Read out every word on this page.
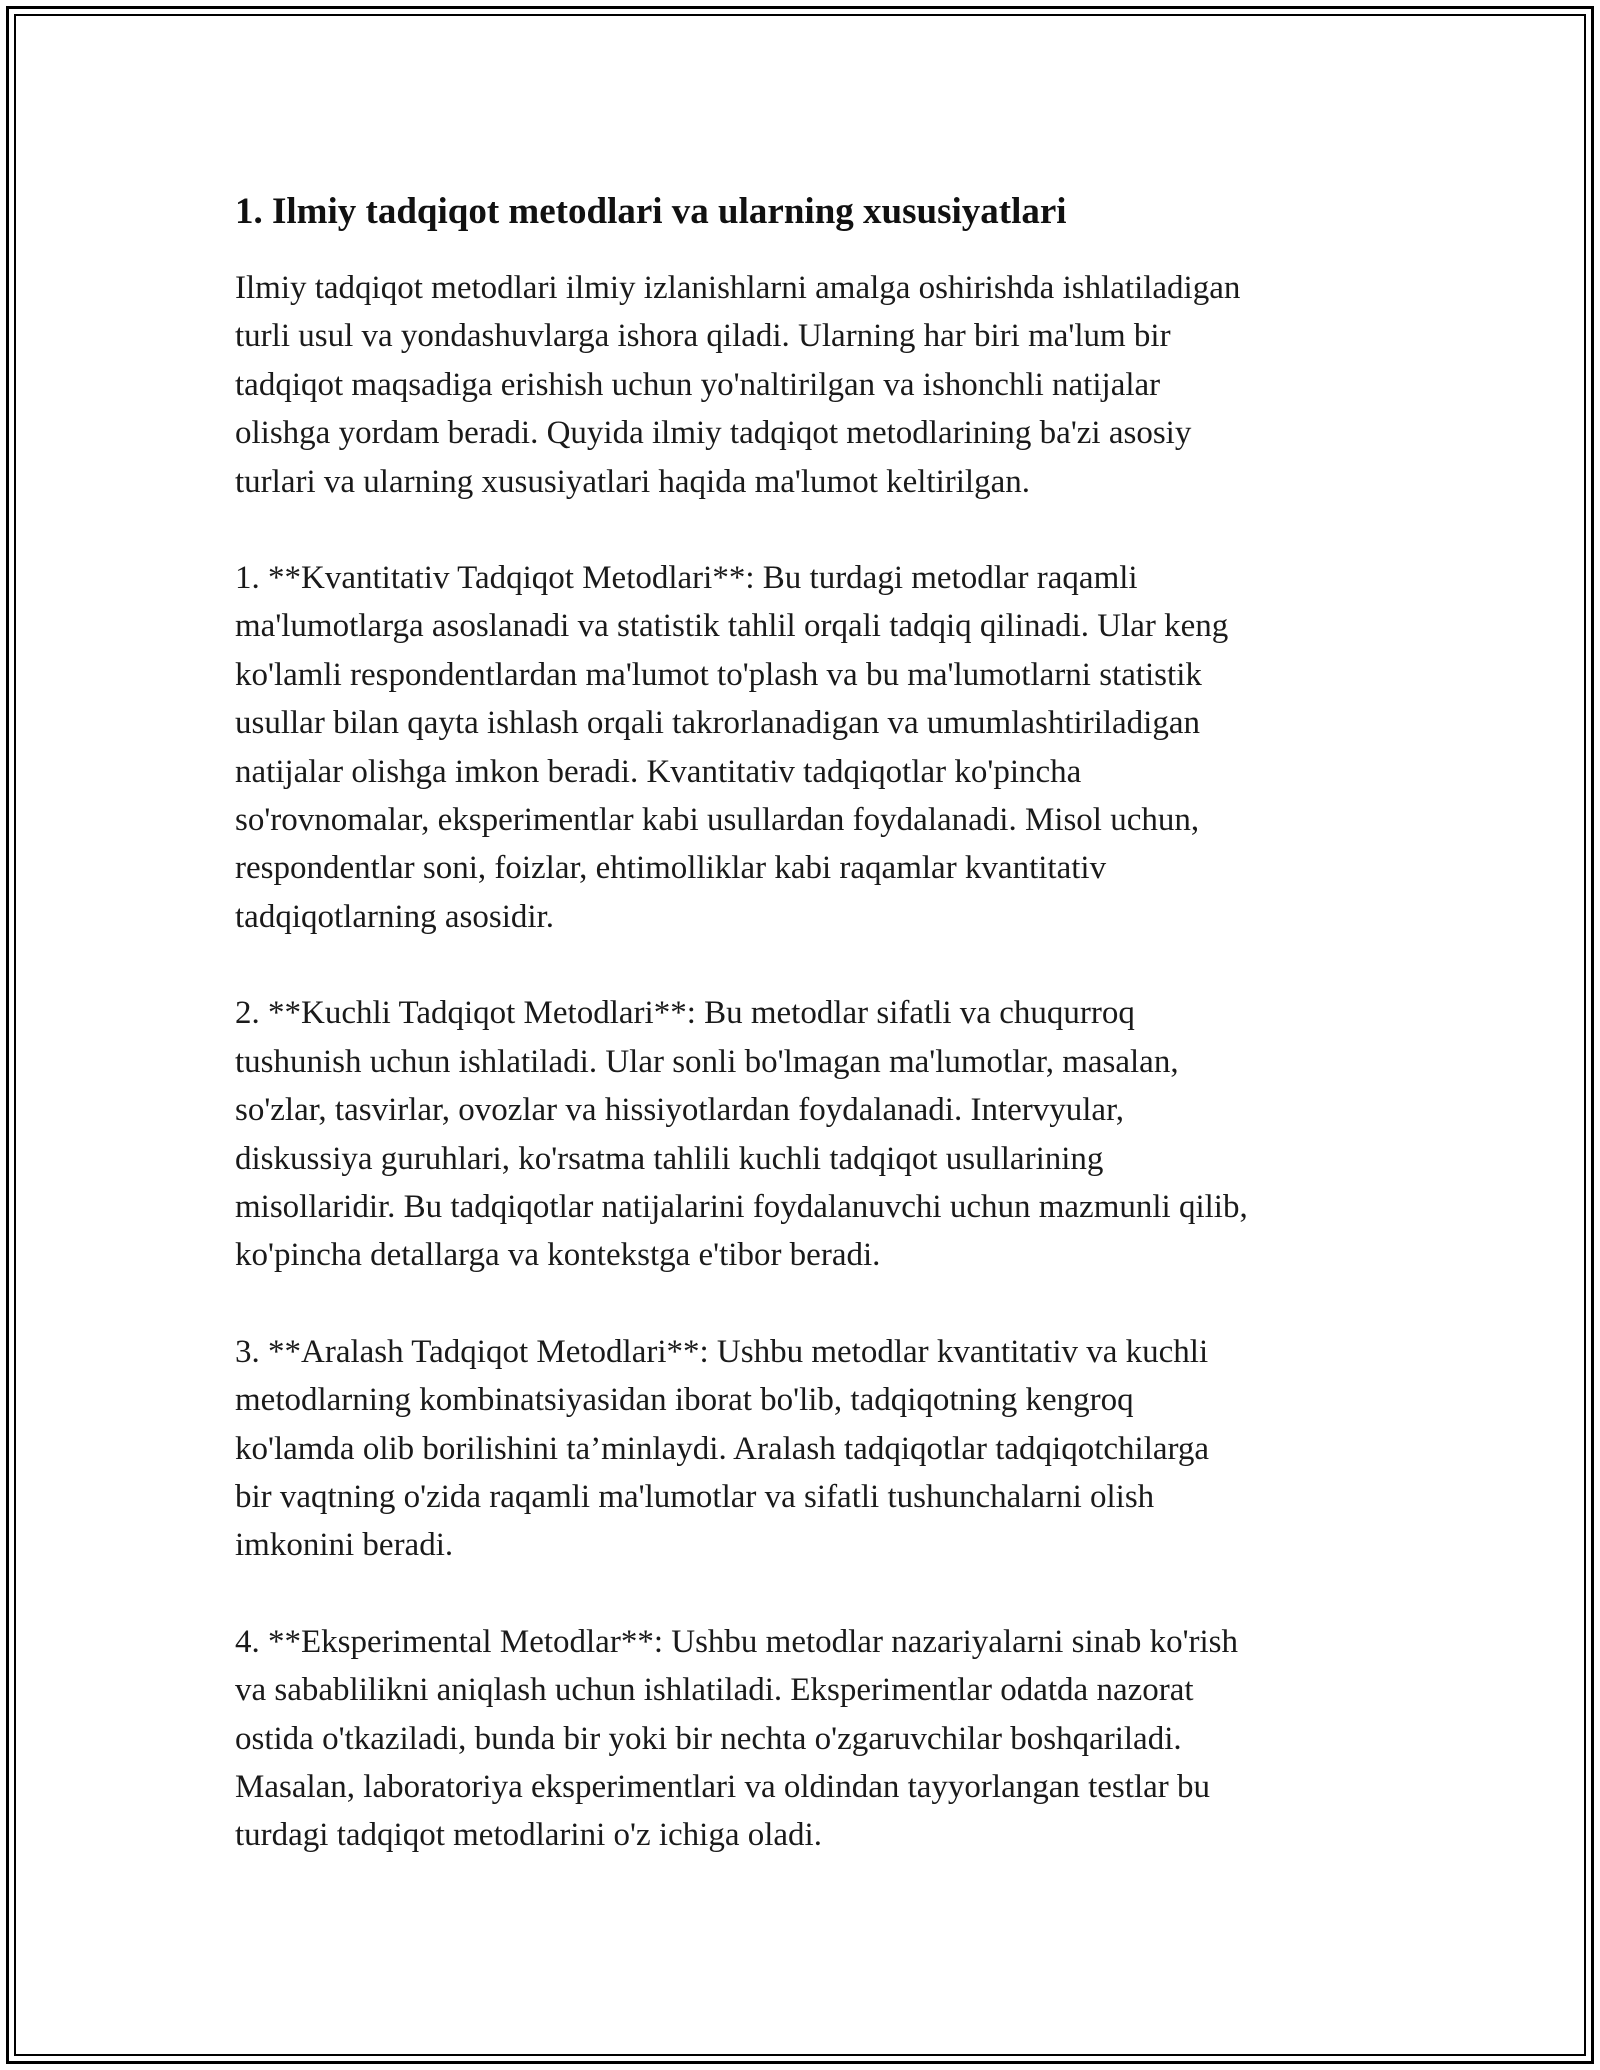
1. Ilmiy tadqiqot metodlari va ularning xususiyatlari
Ilmiy tadqiqot metodlari ilmiy izlanishlarni amalga oshirishda ishlatiladigan
turli usul va yondashuvlarga ishora qiladi. Ularning har biri ma'lum bir
tadqiqot maqsadiga erishish uchun yo'naltirilgan va ishonchli natijalar
olishga yordam beradi. Quyida ilmiy tadqiqot metodlarining ba'zi asosiy
turlari va ularning xususiyatlari haqida ma'lumot keltirilgan.
1. **Kvantitativ Tadqiqot Metodlari**: Bu turdagi metodlar raqamli
ma'lumotlarga asoslanadi va statistik tahlil orqali tadqiq qilinadi. Ular keng
ko'lamli respondentlardan ma'lumot to'plash va bu ma'lumotlarni statistik
usullar bilan qayta ishlash orqali takrorlanadigan va umumlashtiriladigan
natijalar olishga imkon beradi. Kvantitativ tadqiqotlar ko'pincha
so'rovnomalar, eksperimentlar kabi usullardan foydalanadi. Misol uchun,
respondentlar soni, foizlar, ehtimolliklar kabi raqamlar kvantitativ
tadqiqotlarning asosidir.
2. **Kuchli Tadqiqot Metodlari**: Bu metodlar sifatli va chuqurroq
tushunish uchun ishlatiladi. Ular sonli bo'lmagan ma'lumotlar, masalan,
so'zlar, tasvirlar, ovozlar va hissiyotlardan foydalanadi. Intervyular,
diskussiya guruhlari, ko'rsatma tahlili kuchli tadqiqot usullarining
misollaridir. Bu tadqiqotlar natijalarini foydalanuvchi uchun mazmunli qilib,
ko'pincha detallarga va kontekstga e'tibor beradi.
3. **Aralash Tadqiqot Metodlari**: Ushbu metodlar kvantitativ va kuchli
metodlarning kombinatsiyasidan iborat bo'lib, tadqiqotning kengroq
ko'lamda olib borilishini ta’minlaydi. Aralash tadqiqotlar tadqiqotchilarga
bir vaqtning o'zida raqamli ma'lumotlar va sifatli tushunchalarni olish
imkonini beradi.
4. **Eksperimental Metodlar**: Ushbu metodlar nazariyalarni sinab ko'rish
va sabablilikni aniqlash uchun ishlatiladi. Eksperimentlar odatda nazorat
ostida o'tkaziladi, bunda bir yoki bir nechta o'zgaruvchilar boshqariladi.
Masalan, laboratoriya eksperimentlari va oldindan tayyorlangan testlar bu
turdagi tadqiqot metodlarini o'z ichiga oladi.
